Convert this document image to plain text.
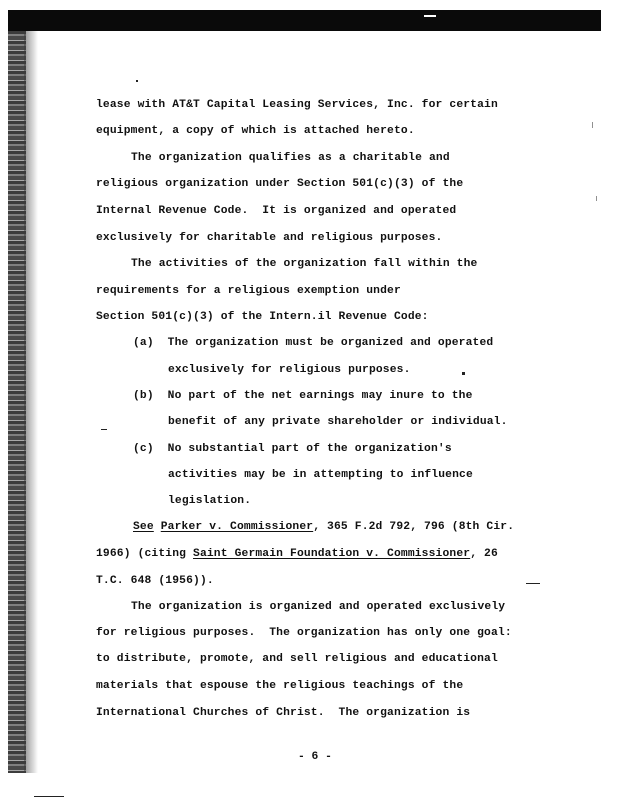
lease with AT&T Capital Leasing Services, Inc. for certain
equipment, a copy of which is attached hereto.
The organization qualifies as a charitable and
religious organization under Section 501(c)(3) of the
Internal Revenue Code.  It is organized and operated
exclusively for charitable and religious purposes.
The activities of the organization fall within the
requirements for a religious exemption under
Section 501(c)(3) of the Intern.il Revenue Code:
(a)  The organization must be organized and operated
exclusively for religious purposes.
(b)  No part of the net earnings may inure to the
benefit of any private shareholder or individual.
(c)  No substantial part of the organization's
activities may be in attempting to influence
legislation.
See Parker v. Commissioner, 365 F.2d 792, 796 (8th Cir.
1966) (citing Saint Germain Foundation v. Commissioner, 26
T.C. 648 (1956)).
The organization is organized and operated exclusively
for religious purposes.  The organization has only one goal:
to distribute, promote, and sell religious and educational
materials that espouse the religious teachings of the
International Churches of Christ.  The organization is
- 6 -
